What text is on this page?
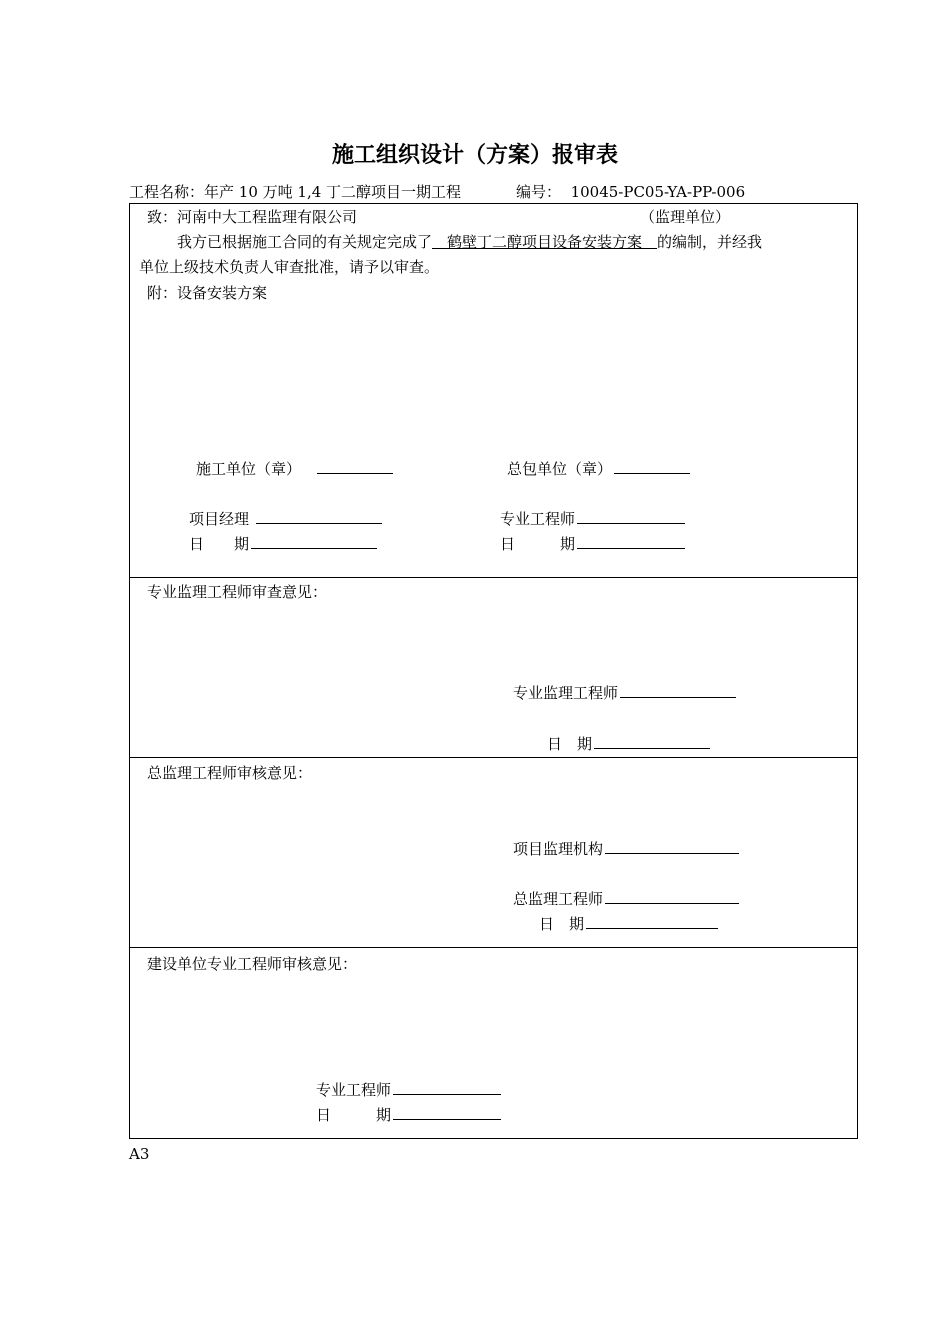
施工组织设计（方案）报审表
工程名称：年产 10 万吨 1,4 丁二醇项目一期工程	编号： 10045-PC05-YA-PP-006
致：河南中大工程监理有限公司	（监理单位）
我方已根据施工合同的有关规定完成了　鹤壁丁二醇项目设备安装方案　的编制，并经我
单位上级技术负责人审查批准，请予以审查。
附：设备安装方案
施工单位（章）	总包单位（章）
项目经理	专业工程师
日　　期	日　　　期
专业监理工程师审查意见：
专业监理工程师
日　期
总监理工程师审核意见：
项目监理机构
总监理工程师
日　期
建设单位专业工程师审核意见：
专业工程师
日　　　期
A3
